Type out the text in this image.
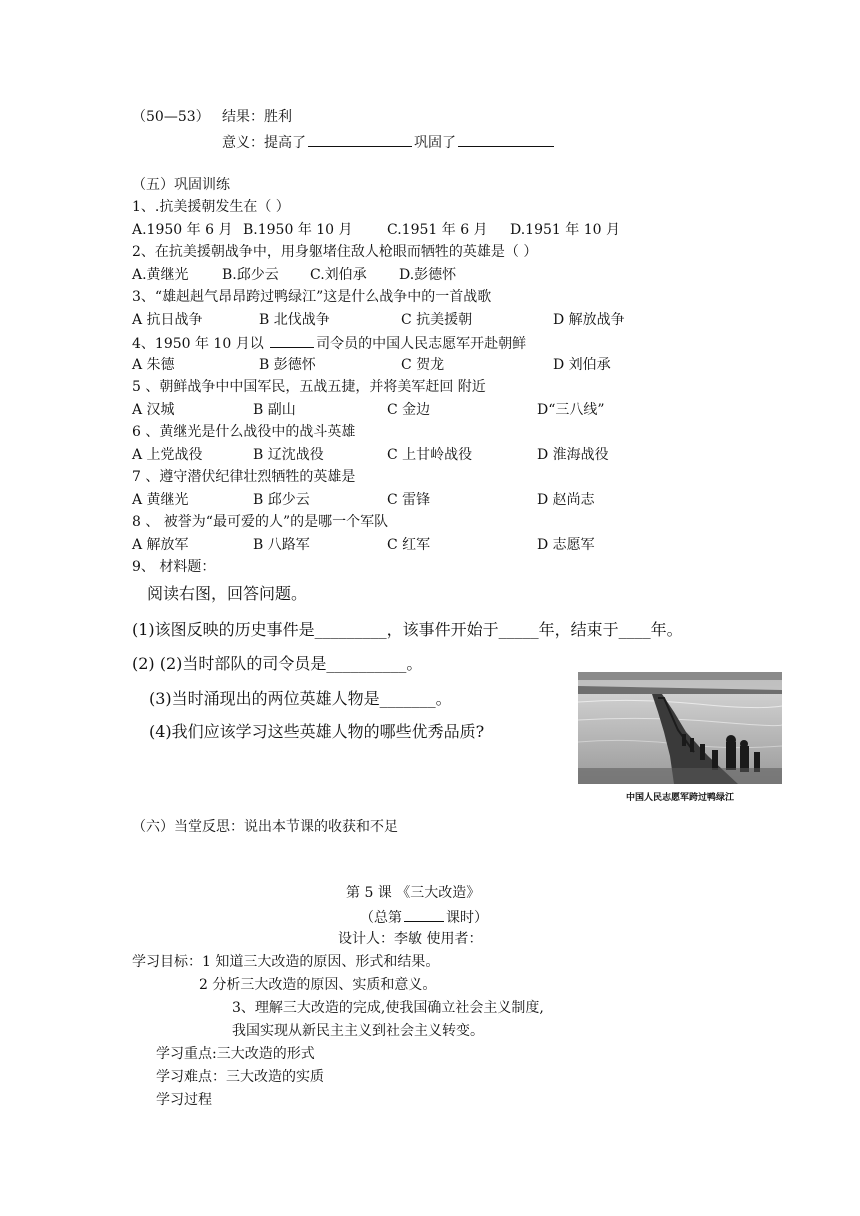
（50—53） 结果：胜利
意义：提高了	巩固了
（五）巩固训练
1、.抗美援朝发生在（ ）
A.1950 年 6 月 B.1950 年 10 月 C.1951 年 6 月 D.1951 年 10 月
2、在抗美援朝战争中，用身躯堵住敌人枪眼而牺牲的英雄是（ ）
A.黄继光 B.邱少云 C.刘伯承 D.彭德怀
3、“雄赳赳气昂昂跨过鸭绿江”这是什么战争中的一首战歌
A 抗日战争	B 北伐战争	C 抗美援朝	D 解放战争
4、1950 年 10 月以	司令员的中国人民志愿军开赴朝鲜
A 朱德	B 彭德怀	C 贺龙	D 刘伯承
5 、朝鲜战争中中国军民，五战五捷，并将美军赶回 附近
A 汉城	B 副山	C 金边	D“三八线”
6 、黄继光是什么战役中的战斗英雄
A 上党战役	B 辽沈战役	C 上甘岭战役	D 淮海战役
7 、遵守潜伏纪律壮烈牺牲的英雄是
A 黄继光	B 邱少云	C 雷锋	D 赵尚志
8 、 被誉为“最可爱的人”的是哪一个军队
A 解放军	B 八路军	C 红军	D 志愿军
9、 材料题：
阅读右图，回答问题。
(1)该图反映的历史事件是_________，该事件开始于_____年，结束于____年。
(2) (2)当时部队的司令员是__________。
(3)当时涌现出的两位英雄人物是_______。
(4)我们应该学习这些英雄人物的哪些优秀品质?
中国人民志愿军跨过鸭绿江
（六）当堂反思：说出本节课的收获和不足
第 5 课 《三大改造》
（总第	课时）
设计人：李敏 使用者：
学习目标：1 知道三大改造的原因、形式和结果。
2 分析三大改造的原因、实质和意义。
3、理解三大改造的完成,使我国确立社会主义制度,
我国实现从新民主主义到社会主义转变。
学习重点:三大改造的形式
学习难点：三大改造的实质
学习过程
